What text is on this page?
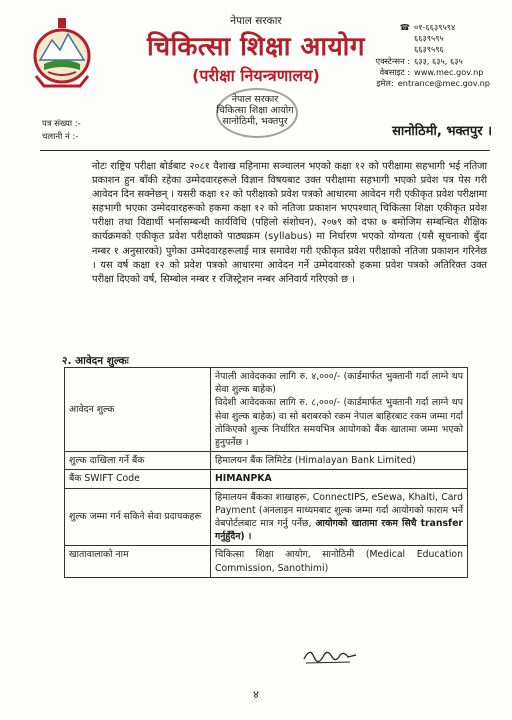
नेपाल सरकार
चिकित्सा शिक्षा आयोग
(परीक्षा नियन्त्रणालय)
☎ ०१-६६३९५९४
६६३९५९५
६६३९५९६
एक्स्टेन्सन : ६३३, ६३५, ६३५
वेबसाइट : www.mec.gov.np
इमेल: entrance@mec.gov.np
नेपाल सरकार
चिकित्सा शिक्षा आयोग
सानोठिमी, भक्तपुर
पत्र संख्या :-
चलानी नं :-	सानोठिमी, भक्तपुर ।
नोटः राष्ट्रिय परीक्षा बोर्डबाट २०८१ वैशाख महिनामा सञ्चालन भएको कक्षा १२ को परीक्षामा सहभागी भई नतिजा प्रकाशन हुन बाँकी रहेका उम्मेदवारहरूले विज्ञान विषयबाट उक्त परीक्षामा सहभागी भएको प्रवेश पत्र पेस गरी आवेदन दिन सक्नेछन् । यसरी कक्षा १२ को परीक्षाको प्रवेश पत्रको आधारमा आवेदन गरी एकीकृत प्रवेश परीक्षामा सहभागी भएका उम्मेदवारहरूको हकमा कक्षा १२ को नतिजा प्रकाशन भएपश्चात् चिकित्सा शिक्षा एकीकृत प्रवेश परीक्षा तथा विद्यार्थी भर्नासम्बन्धी कार्यविधि (पहिलो संशोधन), २०७९ को दफा ७ बमोजिम सम्बन्धित शैक्षिक कार्यक्रमको एकीकृत प्रवेश परीक्षाको पाठ्यक्रम (syllabus) मा निर्धारण भएको योग्यता (यसै सूचनाको बुँदा नम्बर १ अनुसारको) पुगेका उम्मेदवारहरूलाई मात्र समावेश गरी एकीकृत प्रवेश परीक्षाको नतिजा प्रकाशन गरिनेछ । यस वर्ष कक्षा १२ को प्रवेश पत्रको आधारमा आवेदन गर्ने उम्मेदवारको हकमा प्रवेश पत्रको अतिरिक्त उक्त परीक्षा दिएको वर्ष, सिम्बोल नम्बर र रजिस्ट्रेशन नम्बर अनिवार्य गरिएको छ ।
२. आवेदन शुल्कः
आवेदन शुल्क	नेपाली आवेदकका लागि रु. ४,०००/- (कार्डमार्फत भुक्तानी गर्दा लाग्ने थप सेवा शुल्क बाहेक)
विदेशी आवेदकका लागि रु. ८,०००/- (कार्डमार्फत भुक्तानी गर्दा लाग्ने थप सेवा शुल्क बाहेक) वा सो बराबरको रकम नेपाल बाहिरबाट रकम जम्मा गर्दा तोकिएको शुल्क निर्धारित समयभित्र आयोगको बैंक खातामा जम्मा भएको हुनुपर्नेछ ।

शुल्क दाखिला गर्ने बैंक	हिमालयन बैंक लिमिटेड (Himalayan Bank Limited)
बैंक SWIFT Code	HIMANPKA
शुल्क जम्मा गर्न सकिने सेवा प्रदायकहरू	हिमालयन बैंकका शाखाहरू, ConnectIPS, eSewa, Khalti, Card Payment (अनलाइन माध्यमबाट शुल्क जम्मा गर्दा आयोगको फाराम भर्ने वेबपोर्टलबाट मात्र गर्नु पर्नेछ, आयोगको खातामा रकम सिधै transfer गर्नुहुँदैन) ।
खातावालाको नाम	चिकित्सा शिक्षा आयोग, सानोठिमी (Medical Education Commission, Sanothimi)
४
